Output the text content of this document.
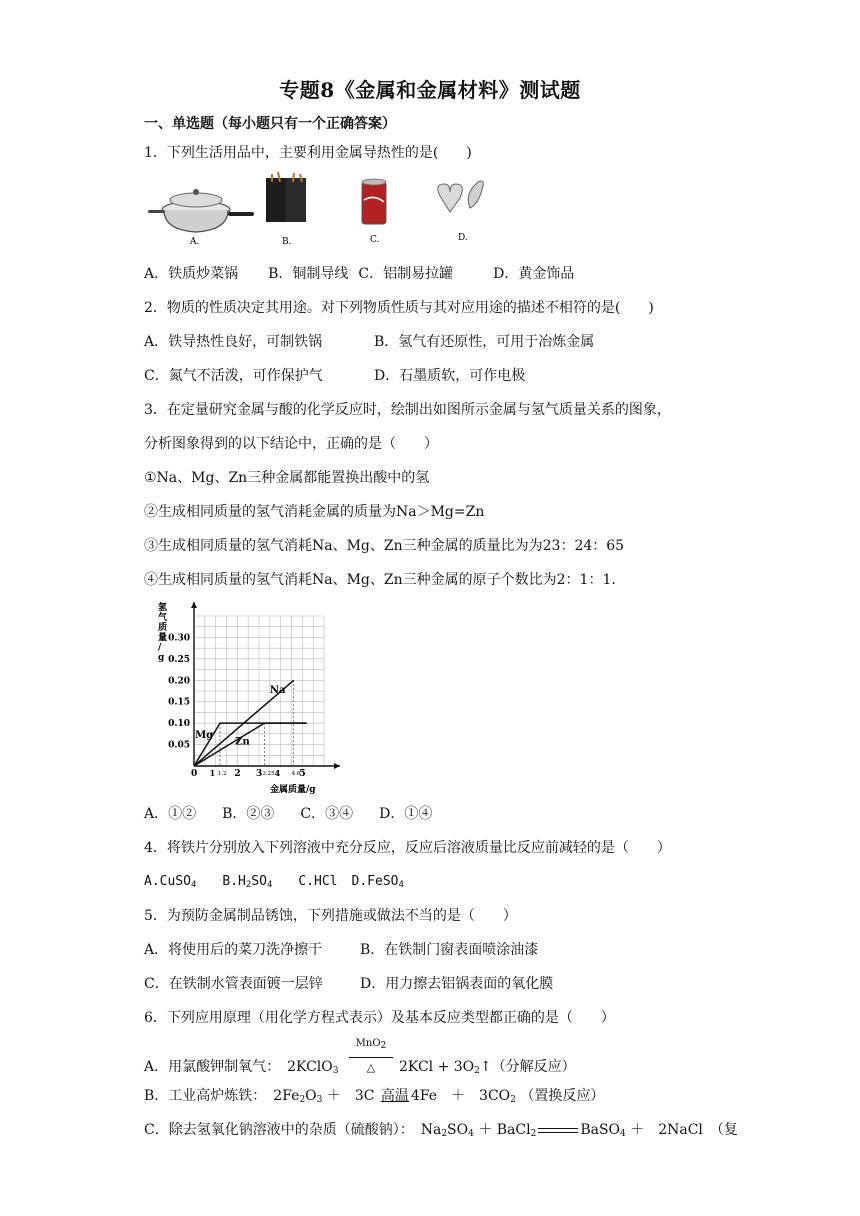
专题8《金属和金属材料》测试题
一、单选题（每小题只有一个正确答案）
1．下列生活用品中，主要利用金属导热性的是(　　)
A.	B.	C.	D.
A．铁质炒菜锅 B．铜制导线 C．铝制易拉罐	D．黄金饰品
2．物质的性质决定其用途。对下列物质性质与其对应用途的描述不相符的是(　　)
A．铁导热性良好，可制铁锅	B．氢气有还原性，可用于冶炼金属
C．氮气不活泼，可作保护气	D．石墨质软，可作电极
3．在定量研究金属与酸的化学反应时，绘制出如图所示金属与氢气质量关系的图象，
分析图象得到的以下结论中，正确的是（　　）
①Na、Mg、Zn三种金属都能置换出酸中的氢
②生成相同质量的氢气消耗金属的质量为Na＞Mg=Zn
③生成相同质量的氢气消耗Na、Mg、Zn三种金属的质量比为为23：24：65
④生成相同质量的氢气消耗Na、Mg、Zn三种金属的原子个数比为2：1：1.
0.30
0.25
0.20
0.15
0.10
0.05
0	2 3	5
1.2	3.25	4.6
1	4
Na
Mg
Zn
氢气质量/ g
金属质量/g
A．①② B．②③ C．③④ D．①④
4．将铁片分别放入下列溶液中充分反应，反应后溶液质量比反应前减轻的是（　　）
A.CuSO$_4$ $B.H_2SO_4$ C.HCl D.FeSO$_4$
5．为预防金属制品锈蚀，下列措施或做法不当的是（　　）
A．将使用后的菜刀洗净擦干	B．在铁制门窗表面喷涂油漆
C．在铁制水管表面镀一层锌	D．用力擦去铝锅表面的氧化膜
6．下列应用原理（用化学方程式表示）及基本反应类型都正确的是（　　）
A．用氯酸钾制氧气：　2KClO$_3$
MnO$_2$
△ $2KCl + 3O_2↑$（分解反应）
B．工业高炉炼铁：　$2Fe_2O_3$ ＋　3C 高温 4Fe　＋　$3CO_2$ （置换反应）
C．除去氢氧化钠溶液中的杂质（硫酸钠）：　$Na_2SO_4$ ＋ BaCl$_2$	BaSO$_4$ ＋　2NaCl　（复
